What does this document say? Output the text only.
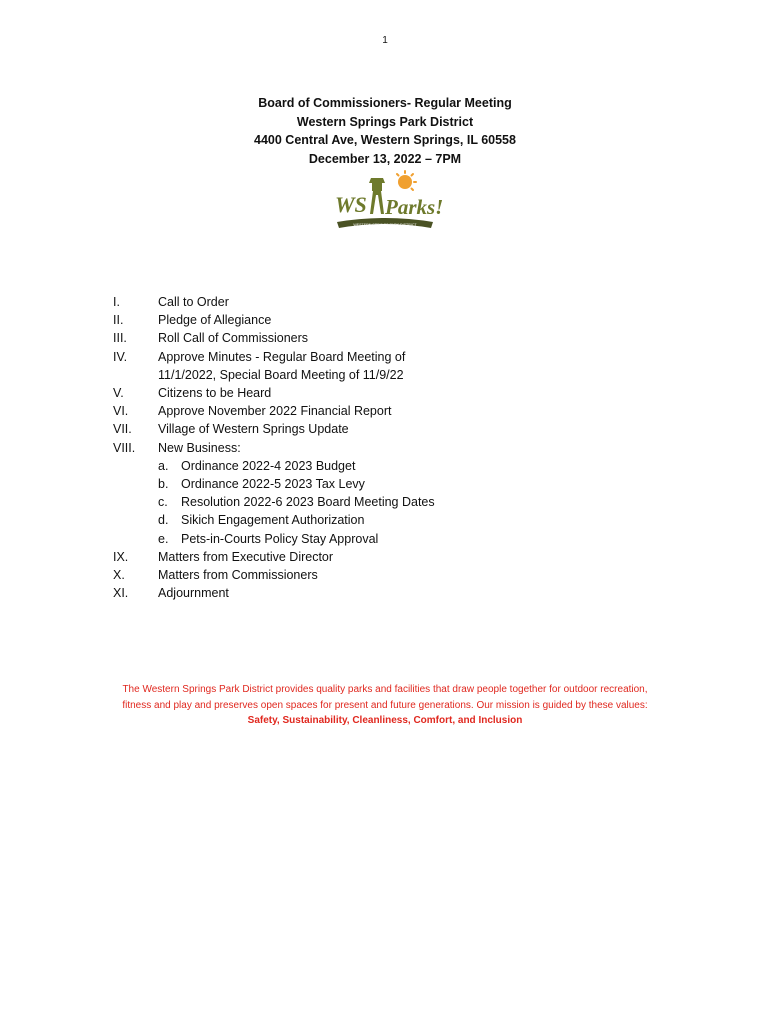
1
Board of Commissioners- Regular Meeting
Western Springs Park District
4400 Central Ave, Western Springs, IL 60558
December 13, 2022 – 7PM
WS Parks!
WESTERN SPRINGS PARK DISTRICT
I.	Call to Order
II.	Pledge of Allegiance
III. Roll Call of Commissioners
IV. Approve Minutes - Regular Board Meeting of
11/1/2022, Special Board Meeting of 11/9/22
V.	Citizens to be Heard
VI. Approve November 2022 Financial Report
VII. Village of Western Springs Update
VIII. New Business:
a. Ordinance 2022-4 2023 Budget
b. Ordinance 2022-5 2023 Tax Levy
c. Resolution 2022-6 2023 Board Meeting Dates
d. Sikich Engagement Authorization
e. Pets-in-Courts Policy Stay Approval
IX. Matters from Executive Director
X.	Matters from Commissioners
XI. Adjournment
The Western Springs Park District provides quality parks and facilities that draw people together for outdoor recreation,
fitness and play and preserves open spaces for present and future generations. Our mission is guided by these values:
Safety, Sustainability, Cleanliness, Comfort, and Inclusion
